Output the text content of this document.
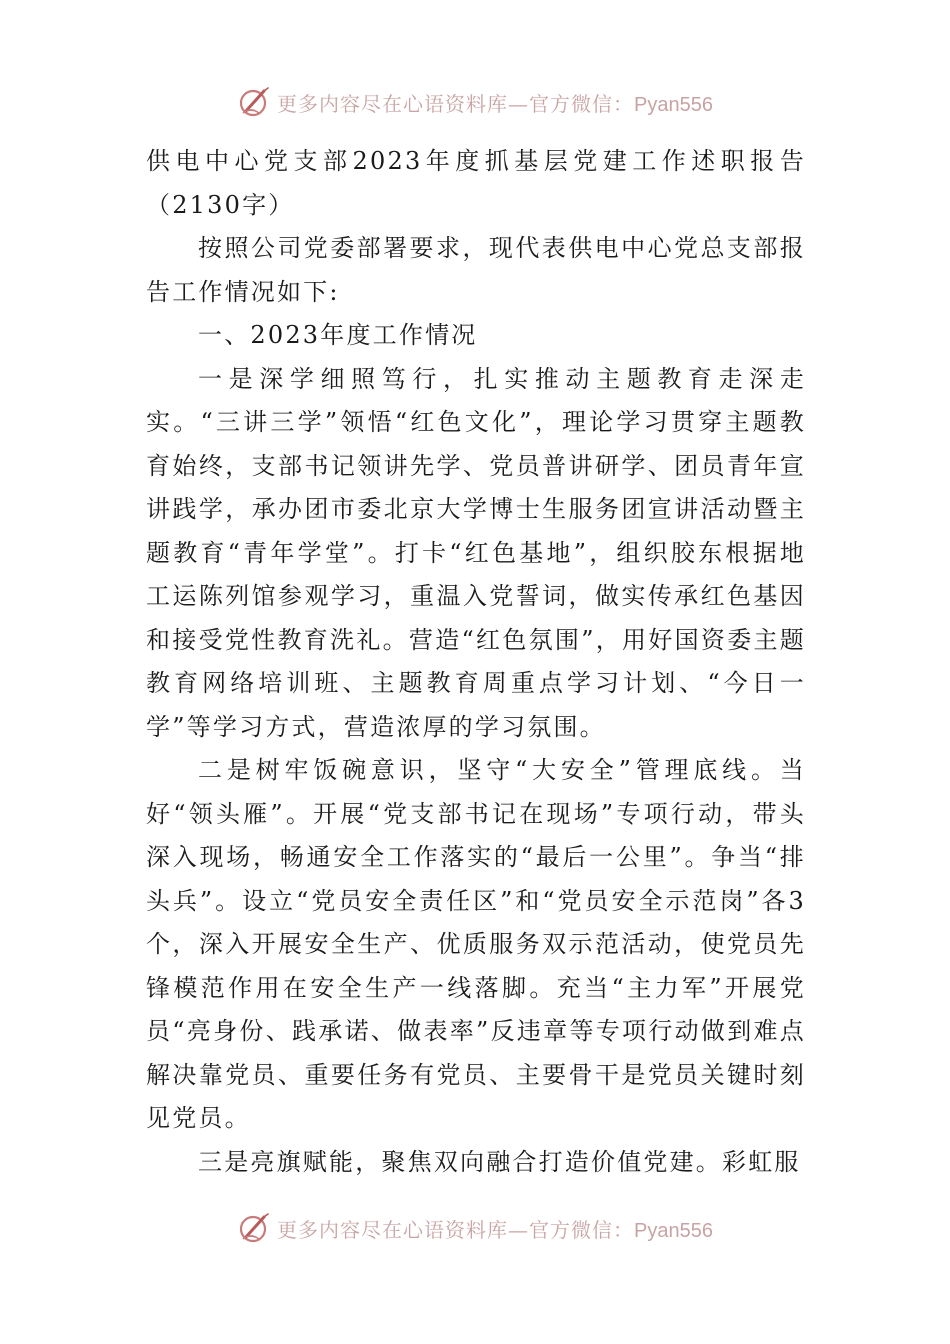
更多内容尽在心语资料库—官方微信：Pyan556

供电中心党支部2023年度抓基层党建工作述职报告（2130字）

按照公司党委部署要求，现代表供电中心党总支部报告工作情况如下:

一、2023年度工作情况

一是深学细照笃行，扎实推动主题教育走深走实。“三讲三学”领悟“红色文化”，理论学习贯穿主题教育始终，支部书记领讲先学、党员普讲研学、团员青年宣讲践学，承办团市委北京大学博士生服务团宣讲活动暨主题教育“青年学堂”。打卡“红色基地”，组织胶东根据地工运陈列馆参观学习，重温入党誓词，做实传承红色基因和接受党性教育洗礼。营造“红色氛围”，用好国资委主题教育网络培训班、主题教育周重点学习计划、“今日一学”等学习方式，营造浓厚的学习氛围。

二是树牢饭碗意识，坚守“大安全”管理底线。当好“领头雁”。开展“党支部书记在现场”专项行动，带头深入现场，畅通安全工作落实的“最后一公里”。争当“排头兵”。设立“党员安全责任区”和“党员安全示范岗”各3个，深入开展安全生产、优质服务双示范活动，使党员先锋模范作用在安全生产一线落脚。充当“主力军”开展党员“亮身份、践承诺、做表率”反违章等专项行动做到难点解决靠党员、重要任务有党员、主要骨干是党员关键时刻见党员。

三是亮旗赋能，聚焦双向融合打造价值党建。彩虹服

更多内容尽在心语资料库—官方微信：Pyan556
